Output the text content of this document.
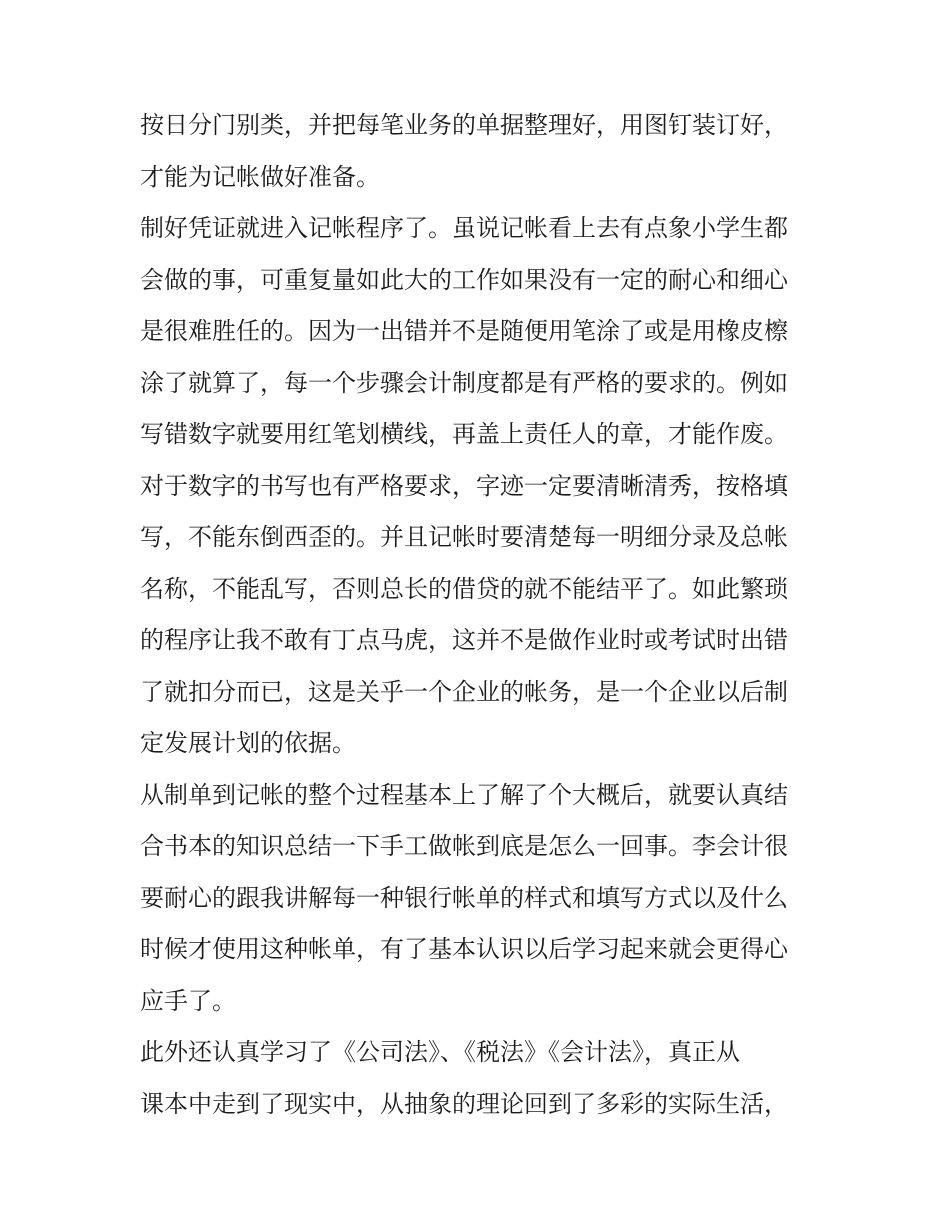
按日分门别类，并把每笔业务的单据整理好，用图钉装订好，
才能为记帐做好准备。
制好凭证就进入记帐程序了。虽说记帐看上去有点象小学生都
会做的事，可重复量如此大的工作如果没有一定的耐心和细心
是很难胜任的。因为一出错并不是随便用笔涂了或是用橡皮檫
涂了就算了，每一个步骤会计制度都是有严格的要求的。例如
写错数字就要用红笔划横线，再盖上责任人的章，才能作废。
对于数字的书写也有严格要求，字迹一定要清晰清秀，按格填
写，不能东倒西歪的。并且记帐时要清楚每一明细分录及总帐
名称，不能乱写，否则总长的借贷的就不能结平了。如此繁琐
的程序让我不敢有丁点马虎，这并不是做作业时或考试时出错
了就扣分而已，这是关乎一个企业的帐务，是一个企业以后制
定发展计划的依据。
从制单到记帐的整个过程基本上了解了个大概后，就要认真结
合书本的知识总结一下手工做帐到底是怎么一回事。李会计很
要耐心的跟我讲解每一种银行帐单的样式和填写方式以及什么
时候才使用这种帐单，有了基本认识以后学习起来就会更得心
应手了。
此外还认真学习了《公司法》、《税法》《会计法》，真正从
课本中走到了现实中，从抽象的理论回到了多彩的实际生活，
